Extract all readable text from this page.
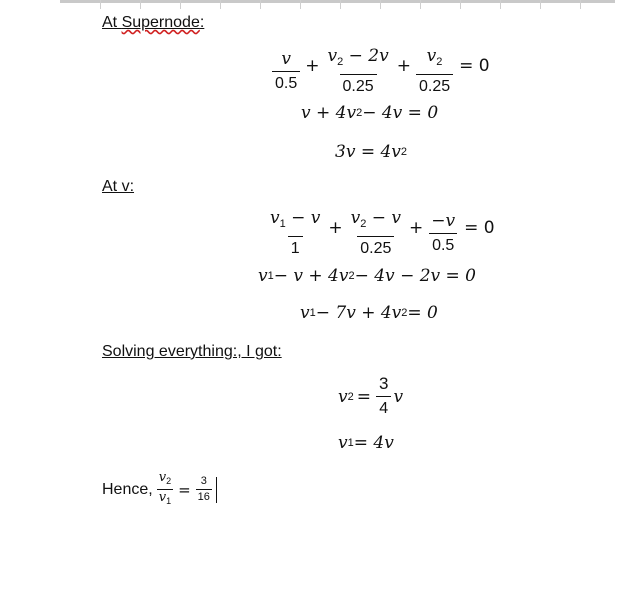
At Supernode:
$\frac{v}{0.5} + \frac{v_2 - 2v}{0.25} + \frac{v_2}{0.25} = 0$
v + 4v 2 − 4v = 0
3v = 4v 2
At v:
$\frac{v_1 - v}{1} + \frac{v_2 - v}{0.25} + \frac{-v}{0.5} = 0$
v 1 − v + 4v 2 − 4v − 2v = 0
v 1 − 7v + 4v 2 = 0
Solving everything:, I got:
v $2 = \frac{3}{4}$ v
v 1 = 4v
Hence, $\frac{v_2}{v_1} = \frac{3}{16}$
